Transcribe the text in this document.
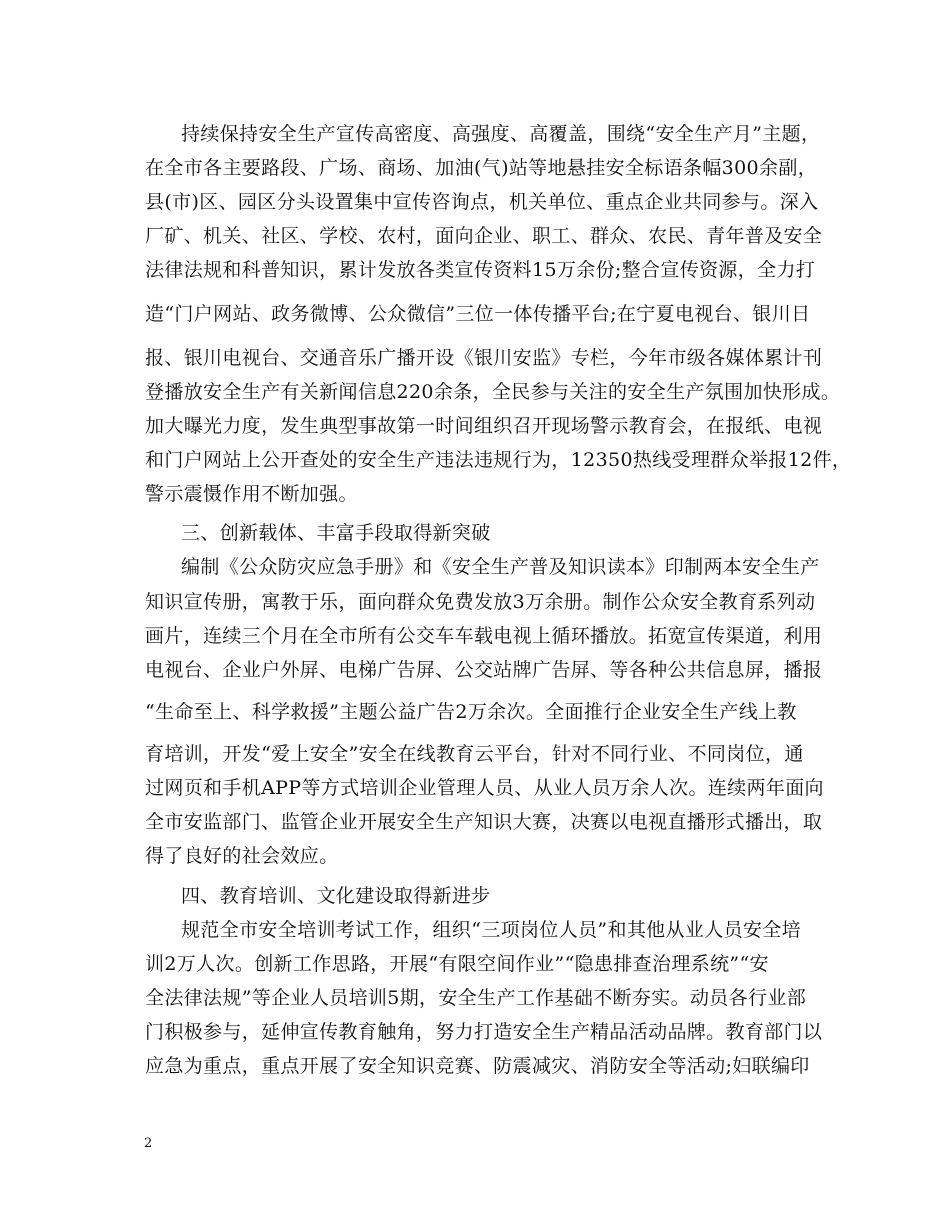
持续保持安全生产宣传高密度、高强度、高覆盖，围绕“安全生产月”主题，
在全市各主要路段、广场、商场、加油(气)站等地悬挂安全标语条幅300余副，
县(市)区、园区分头设置集中宣传咨询点，机关单位、重点企业共同参与。深入
厂矿、机关、社区、学校、农村，面向企业、职工、群众、农民、青年普及安全
法律法规和科普知识，累计发放各类宣传资料15万余份;整合宣传资源，全力打
造“门户网站、政务微博、公众微信”三位一体传播平台;在宁夏电视台、银川日
报、银川电视台、交通音乐广播开设《银川安监》专栏，今年市级各媒体累计刊
登播放安全生产有关新闻信息220余条，全民参与关注的安全生产氛围加快形成。
加大曝光力度，发生典型事故第一时间组织召开现场警示教育会，在报纸、电视
和门户网站上公开查处的安全生产违法违规行为，12350热线受理群众举报12件，
警示震慑作用不断加强。
三、创新载体、丰富手段取得新突破
编制《公众防灾应急手册》和《安全生产普及知识读本》印制两本安全生产
知识宣传册，寓教于乐，面向群众免费发放3万余册。制作公众安全教育系列动
画片，连续三个月在全市所有公交车车载电视上循环播放。拓宽宣传渠道，利用
电视台、企业户外屏、电梯广告屏、公交站牌广告屏、等各种公共信息屏，播报
“生命至上、科学救援”主题公益广告2万余次。全面推行企业安全生产线上教
育培训，开发“爱上安全”安全在线教育云平台，针对不同行业、不同岗位，通
过网页和手机APP等方式培训企业管理人员、从业人员万余人次。连续两年面向
全市安监部门、监管企业开展安全生产知识大赛，决赛以电视直播形式播出，取
得了良好的社会效应。
四、教育培训、文化建设取得新进步
规范全市安全培训考试工作，组织“三项岗位人员”和其他从业人员安全培
训2万人次。创新工作思路，开展“有限空间作业”“隐患排查治理系统”“安
全法律法规”等企业人员培训5期，安全生产工作基础不断夯实。动员各行业部
门积极参与，延伸宣传教育触角，努力打造安全生产精品活动品牌。教育部门以
应急为重点，重点开展了安全知识竞赛、防震减灾、消防安全等活动;妇联编印
2
